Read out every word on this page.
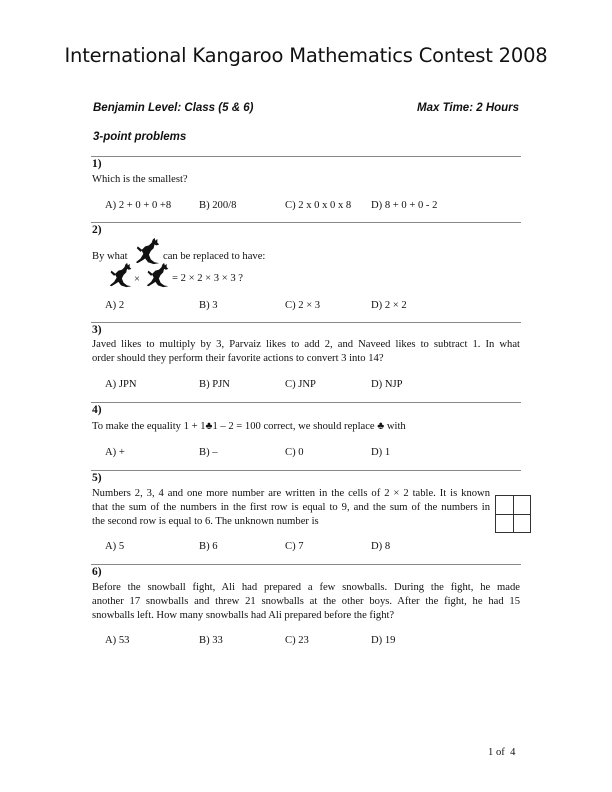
International Kangaroo Mathematics Contest 2008
Benjamin Level: Class (5 & 6)	Max Time: 2 Hours
3-point problems
1)
Which is the smallest?
A) 2 + 0 + 0 +8	B) 200/8	C) 2 x 0 x 0 x 8 D) 8 + 0 + 0 - 2
2)
By what	can be replaced to have:
×	= 2 × 2 × 3 × 3 ?
A) 2	B) 3	C) 2 × 3	D) 2 × 2
3)
Javed likes to multiply by 3, Parvaiz likes to add 2, and Naveed likes to subtract 1. In what
order should they perform their favorite actions to convert 3 into 14?
A) JPN	B) PJN	C) JNP	D) NJP
4)
To make the equality 1 + 1♣1 – 2 = 100 correct, we should replace ♣ with
A) +	B) –	C) 0	D) 1
5)
Numbers 2, 3, 4 and one more number are written in the cells of 2 × 2 table. It is known
that the sum of the numbers in the first row is equal to 9, and the sum of the numbers in
the second row is equal to 6. The unknown number is
A) 5	B) 6	C) 7	D) 8
6)
Before the snowball fight, Ali had prepared a few snowballs. During the fight, he made
another 17 snowballs and threw 21 snowballs at the other boys. After the fight, he had 15
snowballs left. How many snowballs had Ali prepared before the fight?
A) 53	B) 33	C) 23	D) 19
1 of  4
